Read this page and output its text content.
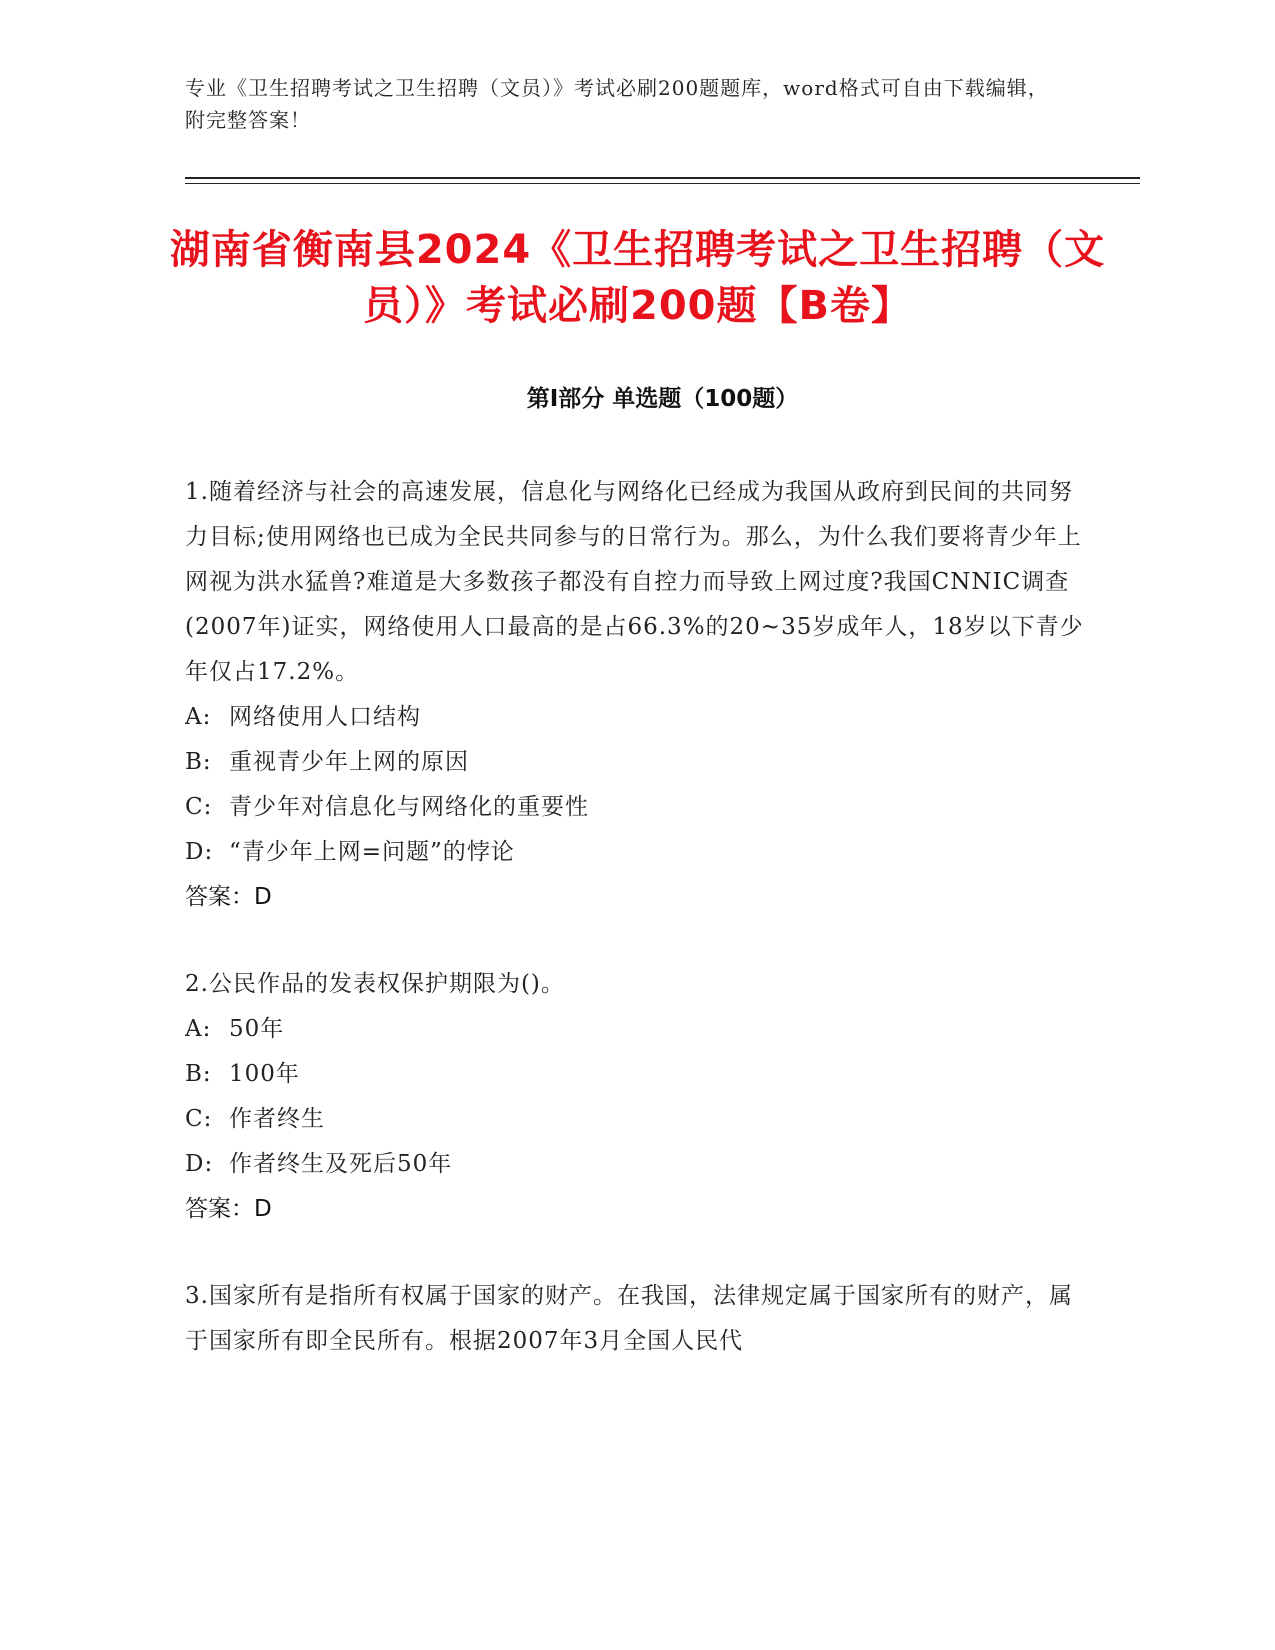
专业《卫生招聘考试之卫生招聘（文员）》考试必刷200题题库，word格式可自由下载编辑，附完整答案！
湖南省衡南县2024《卫生招聘考试之卫生招聘（文员）》考试必刷200题【B卷】
第Ⅰ部分 单选题（100题）

1.随着经济与社会的高速发展，信息化与网络化已经成为我国从政府到民间的共同努力目标;使用网络也已成为全民共同参与的日常行为。那么，为什么我们要将青少年上网视为洪水猛兽?难道是大多数孩子都没有自控力而导致上网过度?我国CNNIC调查(2007年)证实，网络使用人口最高的是占66.3%的20~35岁成年人，18岁以下青少年仅占17.2%。

A: 网络使用人口结构

B: 重视青少年上网的原因

C: 青少年对信息化与网络化的重要性

D: “青少年上网=问题”的悖论

答案：D

2.公民作品的发表权保护期限为()。

A: 50年

B: 100年

C: 作者终生

D: 作者终生及死后50年

答案：D

3.国家所有是指所有权属于国家的财产。在我国，法律规定属于国家所有的财产，属于国家所有即全民所有。根据2007年3月全国人民代
